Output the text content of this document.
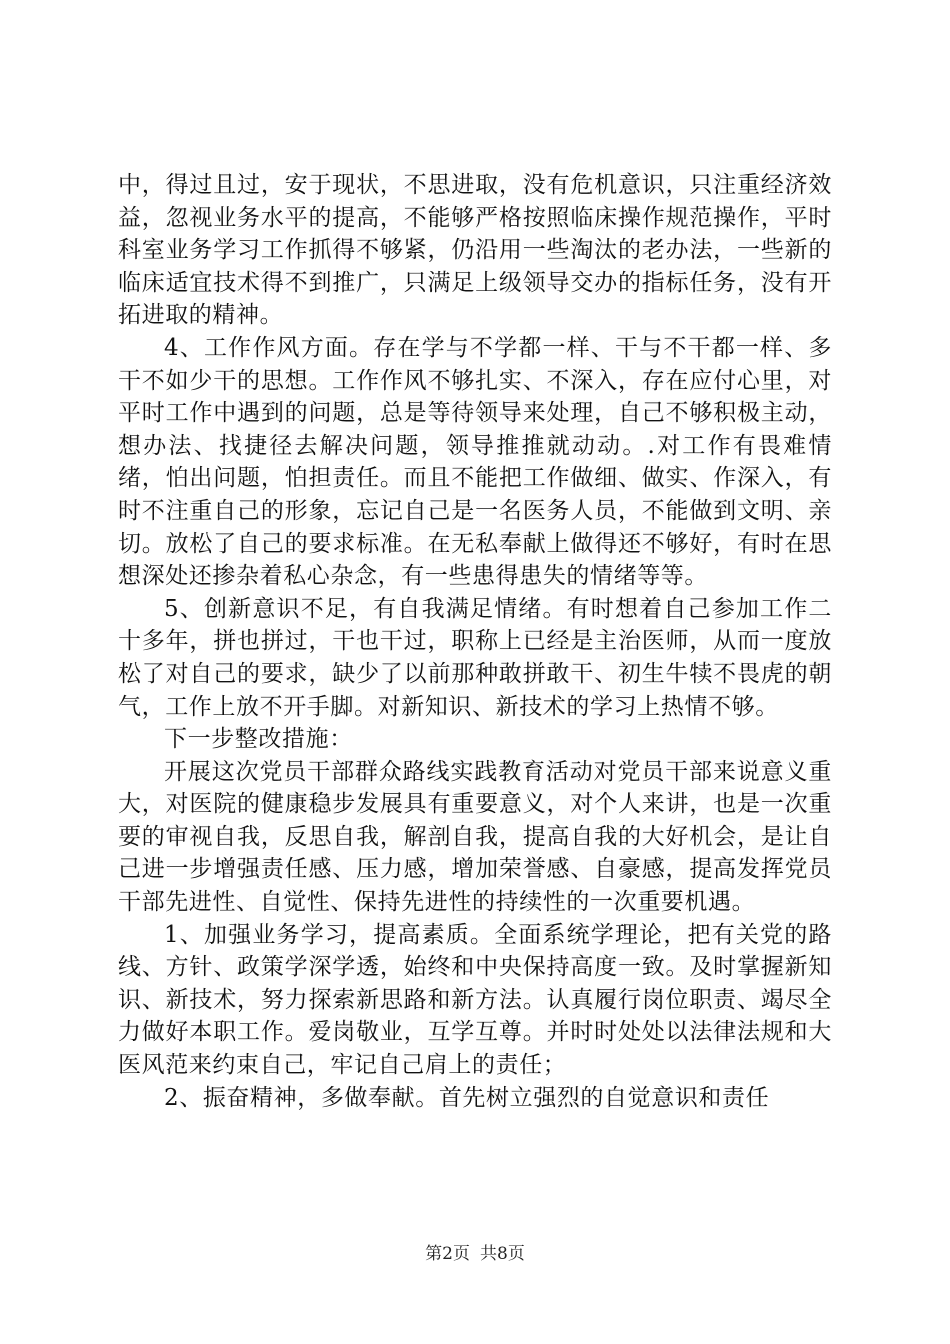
中，得过且过，安于现状，不思进取，没有危机意识，只注重经济效益，忽视业务水平的提高，不能够严格按照临床操作规范操作，平时科室业务学习工作抓得不够紧，仍沿用一些淘汰的老办法，一些新的临床适宜技术得不到推广，只满足上级领导交办的指标任务，没有开拓进取的精神。

4、工作作风方面。存在学与不学都一样、干与不干都一样、多干不如少干的思想。工作作风不够扎实、不深入，存在应付心里，对平时工作中遇到的问题，总是等待领导来处理，自己不够积极主动，想办法、找捷径去解决问题，领导推推就动动。.对工作有畏难情绪，怕出问题，怕担责任。而且不能把工作做细、做实、作深入，有时不注重自己的形象，忘记自己是一名医务人员，不能做到文明、亲切。放松了自己的要求标准。在无私奉献上做得还不够好，有时在思想深处还掺杂着私心杂念，有一些患得患失的情绪等等。

5、创新意识不足，有自我满足情绪。有时想着自己参加工作二十多年，拼也拼过，干也干过，职称上已经是主治医师，从而一度放松了对自己的要求，缺少了以前那种敢拼敢干、初生牛犊不畏虎的朝气，工作上放不开手脚。对新知识、新技术的学习上热情不够。

下一步整改措施：

开展这次党员干部群众路线实践教育活动对党员干部来说意义重大，对医院的健康稳步发展具有重要意义，对个人来讲，也是一次重要的审视自我，反思自我，解剖自我，提高自我的大好机会，是让自己进一步增强责任感、压力感，增加荣誉感、自豪感，提高发挥党员干部先进性、自觉性、保持先进性的持续性的一次重要机遇。

1、加强业务学习，提高素质。全面系统学理论，把有关党的路线、方针、政策学深学透，始终和中央保持高度一致。及时掌握新知识、新技术，努力探索新思路和新方法。认真履行岗位职责、竭尽全力做好本职工作。爱岗敬业，互学互尊。并时时处处以法律法规和大医风范来约束自己，牢记自己肩上的责任；

2、振奋精神，多做奉献。首先树立强烈的自觉意识和责任

第2页 共8页
